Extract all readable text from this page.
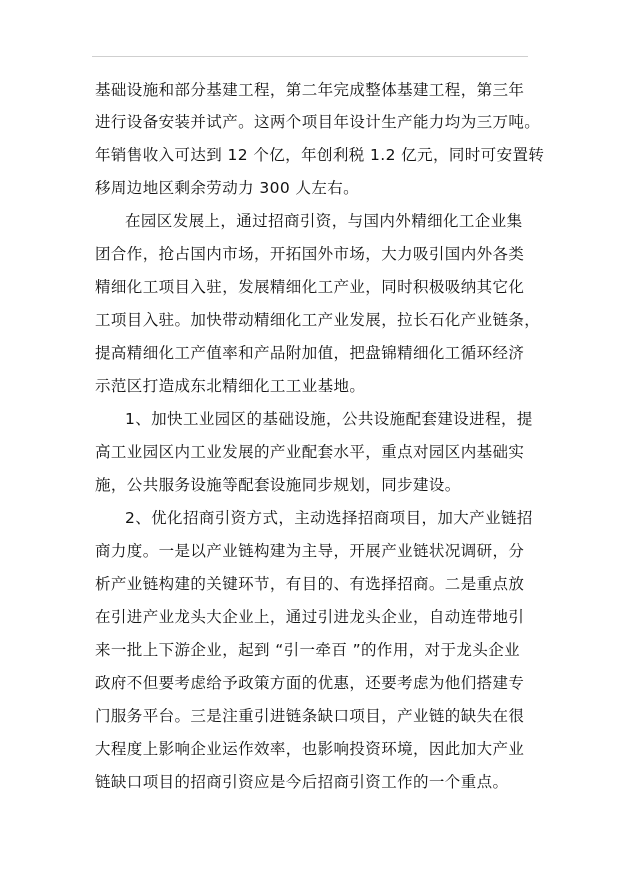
基础设施和部分基建工程，第二年完成整体基建工程，第三年
进行设备安装并试产。这两个项目年设计生产能力均为三万吨。
年销售收入可达到 12 个亿，年创利税 1.2 亿元，同时可安置转
移周边地区剩余劳动力 300 人左右。
在园区发展上，通过招商引资，与国内外精细化工企业集
团合作，抢占国内市场，开拓国外市场，大力吸引国内外各类
精细化工项目入驻，发展精细化工产业，同时积极吸纳其它化
工项目入驻。加快带动精细化工产业发展，拉长石化产业链条，
提高精细化工产值率和产品附加值，把盘锦精细化工循环经济
示范区打造成东北精细化工工业基地。
1、加快工业园区的基础设施，公共设施配套建设进程，提
高工业园区内工业发展的产业配套水平，重点对园区内基础实
施，公共服务设施等配套设施同步规划，同步建设。
2、优化招商引资方式，主动选择招商项目，加大产业链招
商力度。一是以产业链构建为主导，开展产业链状况调研，分
析产业链构建的关键环节，有目的、有选择招商。二是重点放
在引进产业龙头大企业上，通过引进龙头企业，自动连带地引
来一批上下游企业，起到 “引一牵百 ”的作用，对于龙头企业
政府不但要考虑给予政策方面的优惠，还要考虑为他们搭建专
门服务平台。三是注重引进链条缺口项目，产业链的缺失在很
大程度上影响企业运作效率，也影响投资环境，因此加大产业
链缺口项目的招商引资应是今后招商引资工作的一个重点。
